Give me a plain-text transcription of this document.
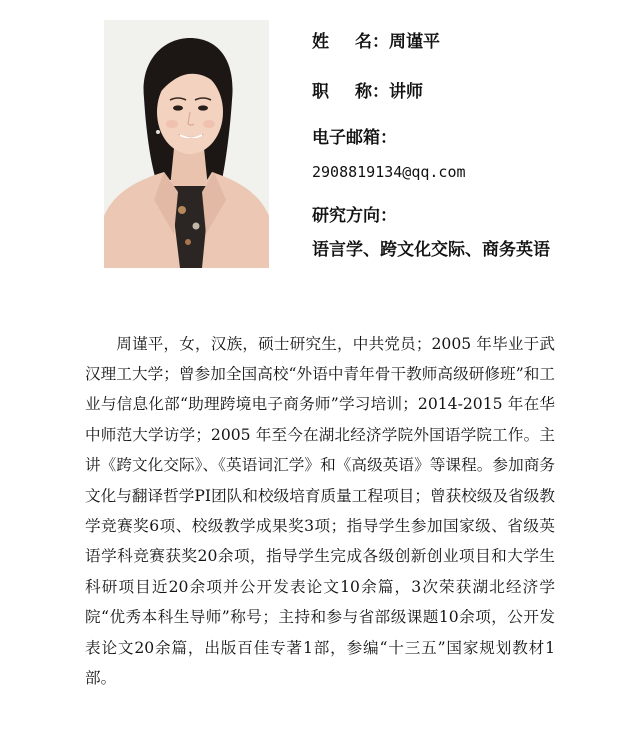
姓 名：周谨平
职 称：讲师
电子邮箱：
2908819134@qq.com
研究方向：
语言学、跨文化交际、商务英语

周谨平，女，汉族，硕士研究生，中共党员；2005 年毕业于武汉理工大学；曾参加全国高校“外语中青年骨干教师高级研修班”和工业与信息化部“助理跨境电子商务师”学习培训；2014-2015 年在华中师范大学访学；2005 年至今在湖北经济学院外国语学院工作。主讲《跨文化交际》、《英语词汇学》和《高级英语》等课程。参加商务文化与翻译哲学PI团队和校级培育质量工程项目；曾获校级及省级教学竞赛奖6项、校级教学成果奖3项；指导学生参加国家级、省级英语学科竞赛获奖20余项，指导学生完成各级创新创业项目和大学生科研项目近20余项并公开发表论文10余篇，3次荣获湖北经济学院“优秀本科生导师”称号；主持和参与省部级课题10余项，公开发表论文20余篇，出版百佳专著1部，参编“十三五”国家规划教材1部。
